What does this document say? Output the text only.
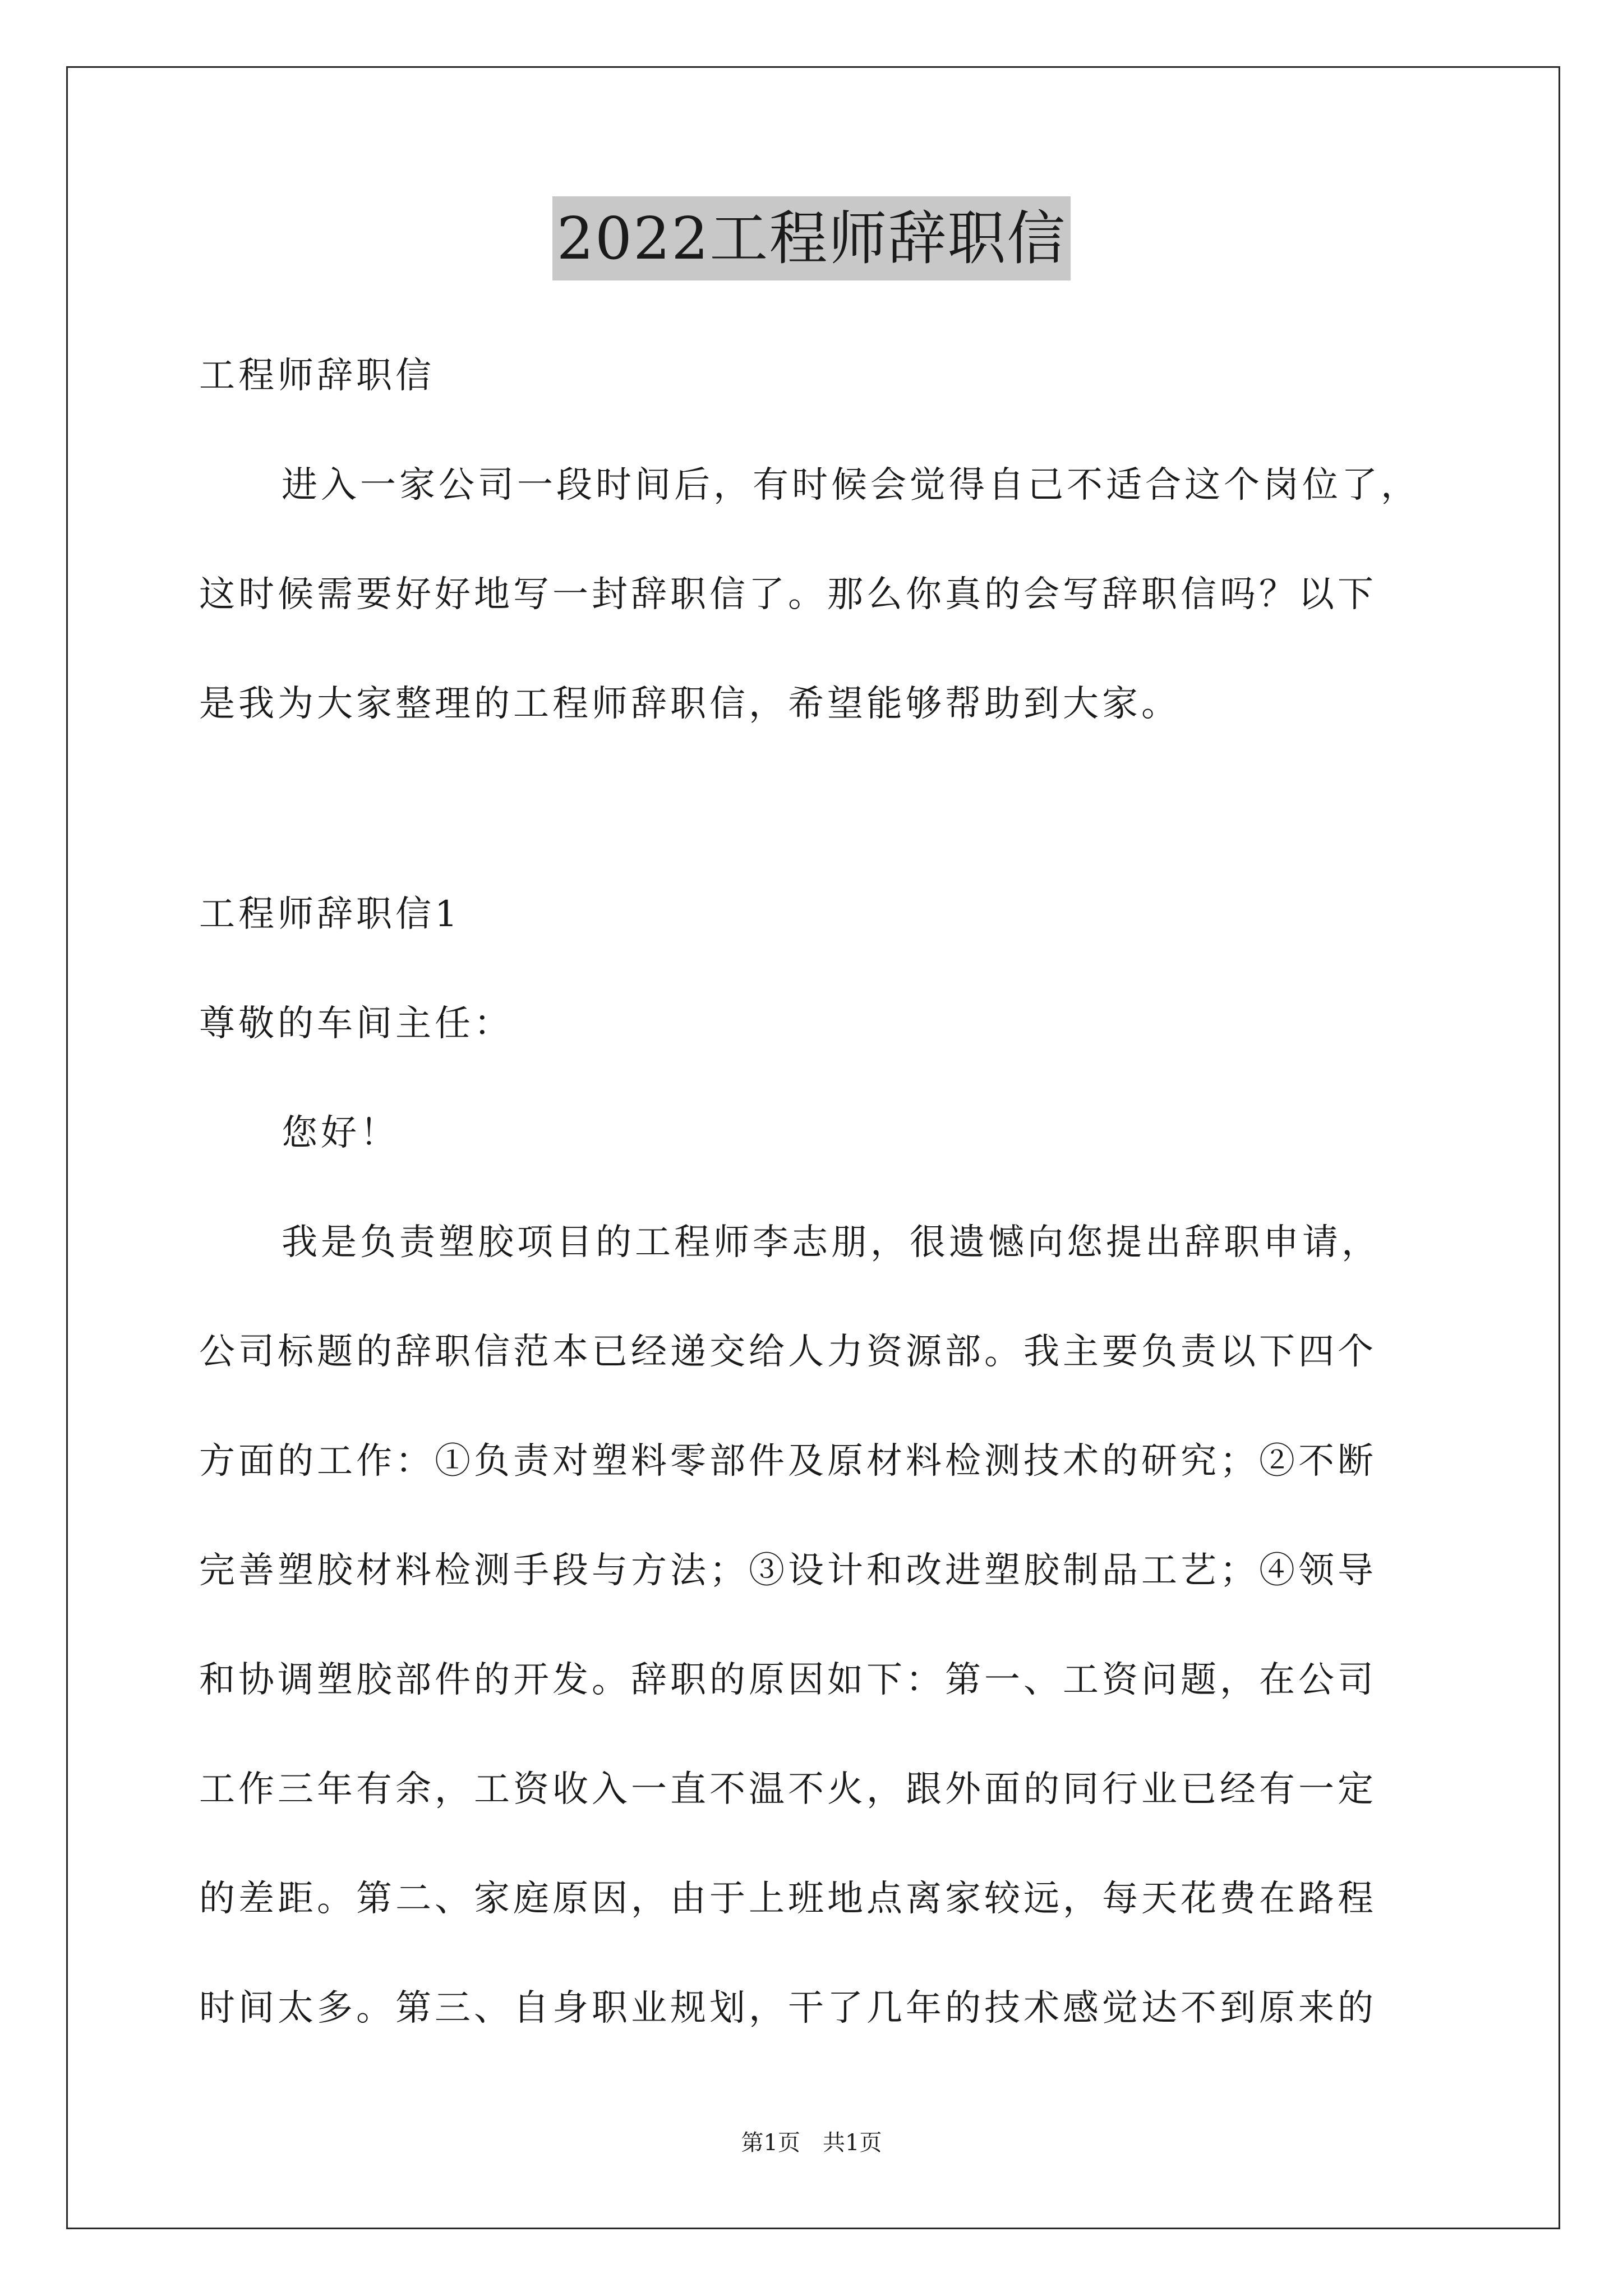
2022工程师辞职信
工程师辞职信
进入一家公司一段时间后，有时候会觉得自己不适合这个岗位了，
这时候需要好好地写一封辞职信了。那么你真的会写辞职信吗？以下
是我为大家整理的工程师辞职信，希望能够帮助到大家。
工程师辞职信1
尊敬的车间主任：
您好！
我是负责塑胶项目的工程师李志朋，很遗憾向您提出辞职申请，
公司标题的辞职信范本已经递交给人力资源部。我主要负责以下四个
方面的工作：①负责对塑料零部件及原材料检测技术的研究；②不断
完善塑胶材料检测手段与方法；③设计和改进塑胶制品工艺；④领导
和协调塑胶部件的开发。辞职的原因如下：第一、工资问题，在公司
工作三年有余，工资收入一直不温不火，跟外面的同行业已经有一定
的差距。第二、家庭原因，由于上班地点离家较远，每天花费在路程
时间太多。第三、自身职业规划，干了几年的技术感觉达不到原来的
第1页　共1页
